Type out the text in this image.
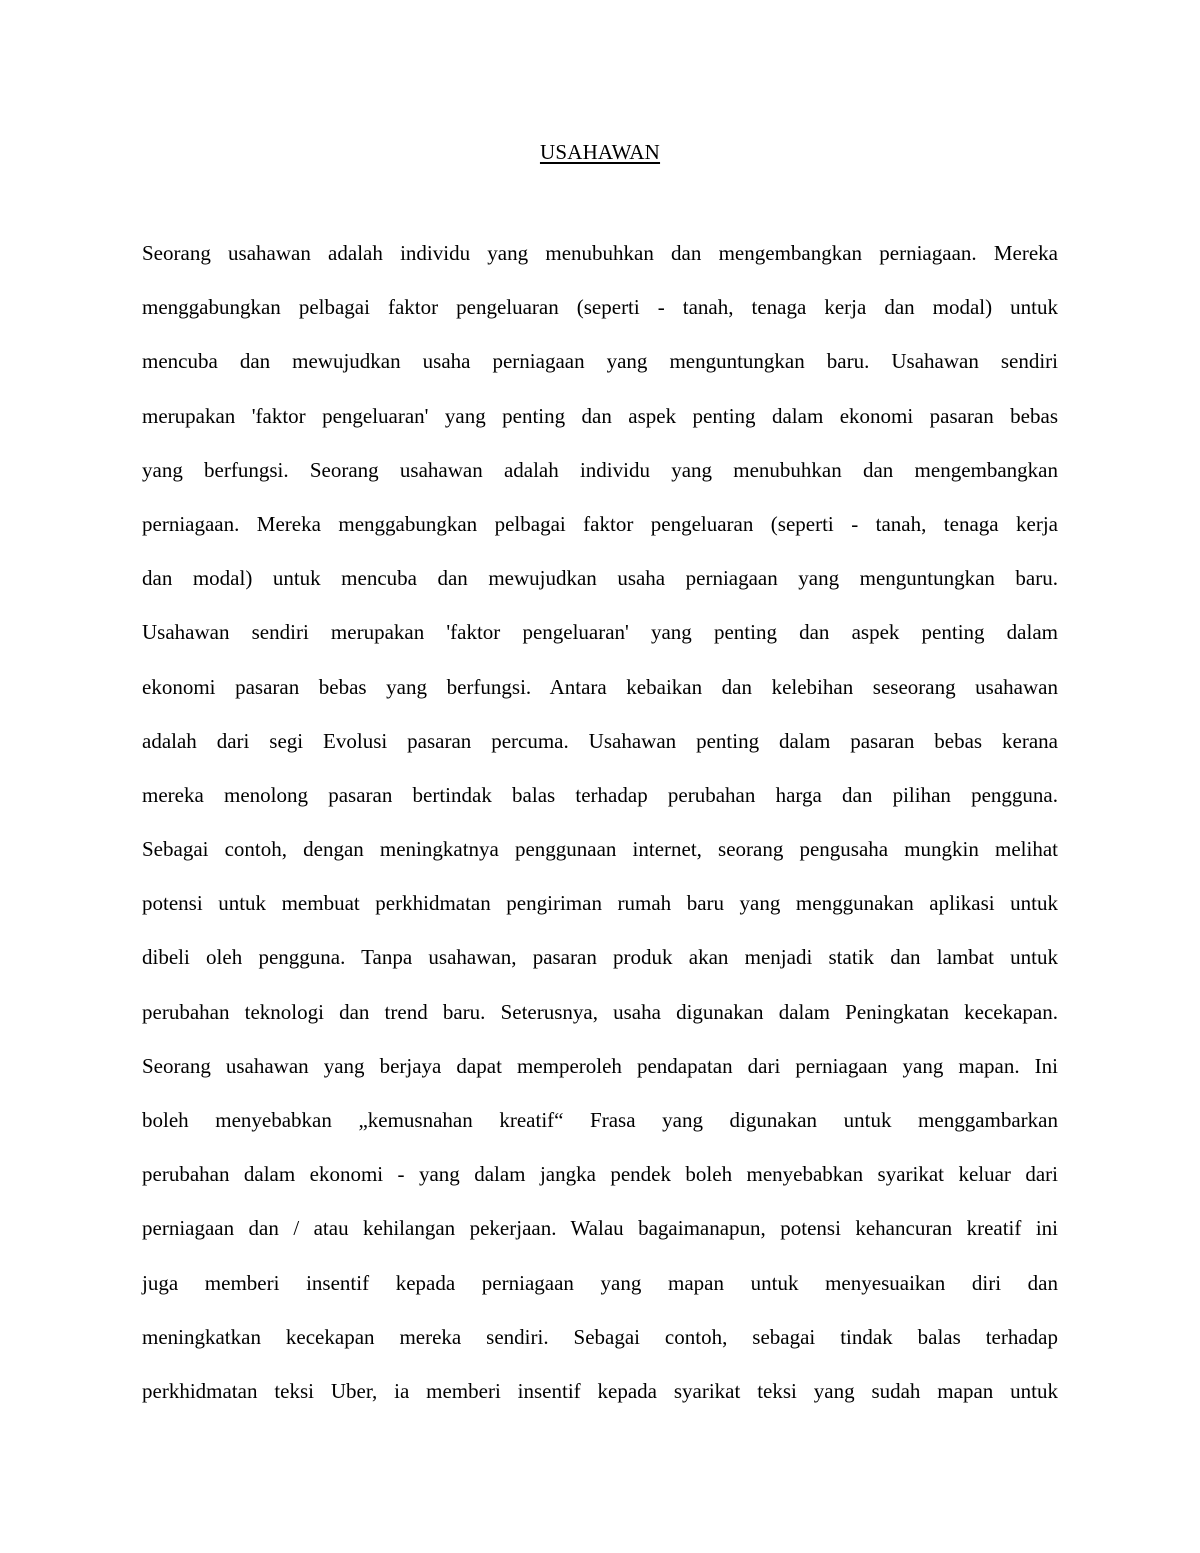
USAHAWAN
Seorang usahawan adalah individu yang menubuhkan dan mengembangkan perniagaan. Mereka
menggabungkan pelbagai faktor pengeluaran (seperti - tanah, tenaga kerja dan modal) untuk
mencuba dan mewujudkan usaha perniagaan yang menguntungkan baru. Usahawan sendiri
merupakan 'faktor pengeluaran' yang penting dan aspek penting dalam ekonomi pasaran bebas
yang berfungsi. Seorang usahawan adalah individu yang menubuhkan dan mengembangkan
perniagaan. Mereka menggabungkan pelbagai faktor pengeluaran (seperti - tanah, tenaga kerja
dan modal) untuk mencuba dan mewujudkan usaha perniagaan yang menguntungkan baru.
Usahawan sendiri merupakan 'faktor pengeluaran' yang penting dan aspek penting dalam
ekonomi pasaran bebas yang berfungsi. Antara kebaikan dan kelebihan seseorang usahawan
adalah dari segi Evolusi pasaran percuma. Usahawan penting dalam pasaran bebas kerana
mereka menolong pasaran bertindak balas terhadap perubahan harga dan pilihan pengguna.
Sebagai contoh, dengan meningkatnya penggunaan internet, seorang pengusaha mungkin melihat
potensi untuk membuat perkhidmatan pengiriman rumah baru yang menggunakan aplikasi untuk
dibeli oleh pengguna. Tanpa usahawan, pasaran produk akan menjadi statik dan lambat untuk
perubahan teknologi dan trend baru. Seterusnya, usaha digunakan dalam Peningkatan kecekapan.
Seorang usahawan yang berjaya dapat memperoleh pendapatan dari perniagaan yang mapan. Ini
boleh menyebabkan „kemusnahan kreatif“ Frasa yang digunakan untuk menggambarkan
perubahan dalam ekonomi - yang dalam jangka pendek boleh menyebabkan syarikat keluar dari
perniagaan dan / atau kehilangan pekerjaan. Walau bagaimanapun, potensi kehancuran kreatif ini
juga memberi insentif kepada perniagaan yang mapan untuk menyesuaikan diri dan
meningkatkan kecekapan mereka sendiri. Sebagai contoh, sebagai tindak balas terhadap
perkhidmatan teksi Uber, ia memberi insentif kepada syarikat teksi yang sudah mapan untuk
